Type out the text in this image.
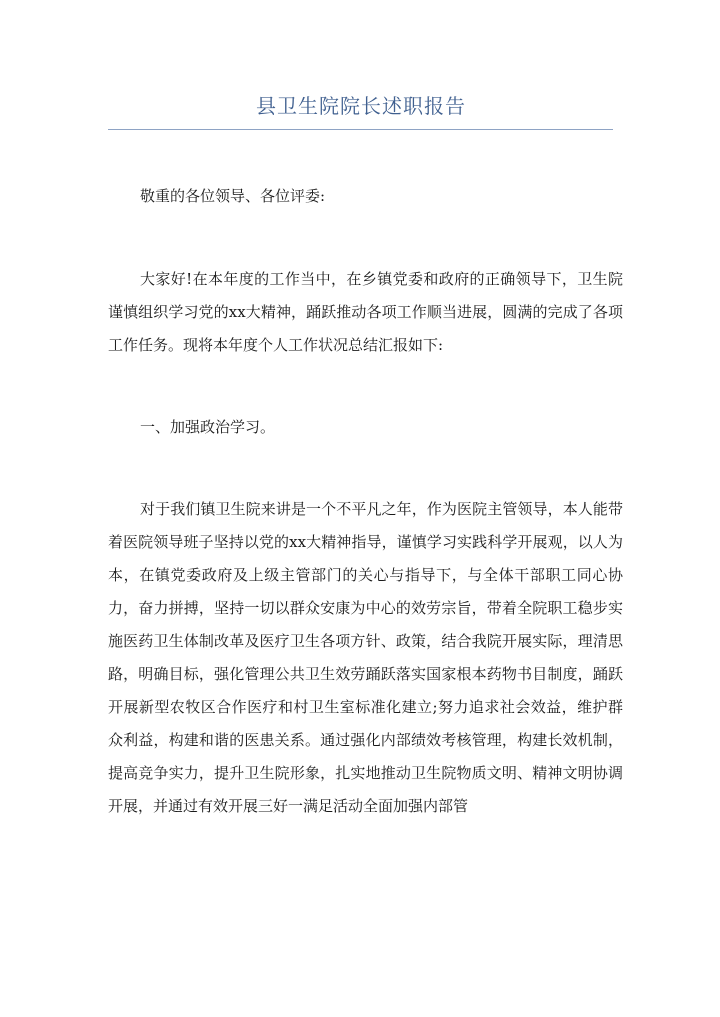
县卫生院院长述职报告

敬重的各位领导、各位评委:

大家好!在本年度的工作当中，在乡镇党委和政府的正确领导下，卫生院谨慎组织学习党的xx大精神，踊跃推动各项工作顺当进展，圆满的完成了各项工作任务。现将本年度个人工作状况总结汇报如下:

一、加强政治学习。

对于我们镇卫生院来讲是一个不平凡之年，作为医院主管领导，本人能带着医院领导班子坚持以党的xx大精神指导，谨慎学习实践科学开展观，以人为本，在镇党委政府及上级主管部门的关心与指导下，与全体干部职工同心协力，奋力拼搏，坚持一切以群众安康为中心的效劳宗旨，带着全院职工稳步实施医药卫生体制改革及医疗卫生各项方针、政策，结合我院开展实际，理清思路，明确目标，强化管理公共卫生效劳踊跃落实国家根本药物书目制度，踊跃开展新型农牧区合作医疗和村卫生室标准化建立;努力追求社会效益，维护群众利益，构建和谐的医患关系。通过强化内部绩效考核管理，构建长效机制，提高竞争实力，提升卫生院形象，扎实地推动卫生院物质文明、精神文明协调开展，并通过有效开展三好一满足活动全面加强内部管
